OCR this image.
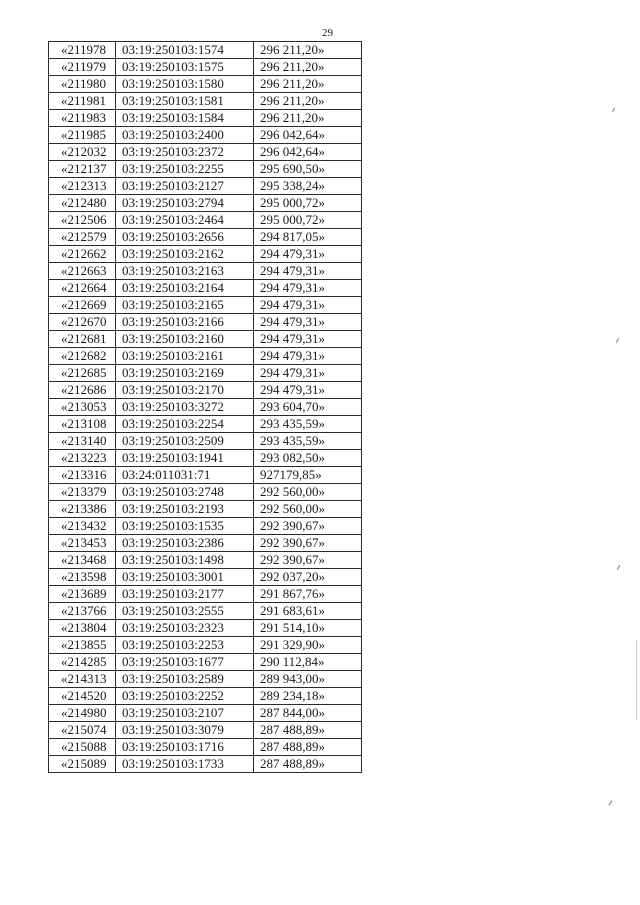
29
«211978	03:19:250103:1574	296 211,20»
«211979	03:19:250103:1575	296 211,20»
«211980	03:19:250103:1580	296 211,20»
«211981	03:19:250103:1581	296 211,20»
«211983	03:19:250103:1584	296 211,20»
«211985	03:19:250103:2400	296 042,64»
«212032	03:19:250103:2372	296 042,64»
«212137	03:19:250103:2255	295 690,50»
«212313	03:19:250103:2127	295 338,24»
«212480	03:19:250103:2794	295 000,72»
«212506	03:19:250103:2464	295 000,72»
«212579	03:19:250103:2656	294 817,05»
«212662	03:19:250103:2162	294 479,31»
«212663	03:19:250103:2163	294 479,31»
«212664	03:19:250103:2164	294 479,31»
«212669	03:19:250103:2165	294 479,31»
«212670	03:19:250103:2166	294 479,31»
«212681	03:19:250103:2160	294 479,31»
«212682	03:19:250103:2161	294 479,31»
«212685	03:19:250103:2169	294 479,31»
«212686	03:19:250103:2170	294 479,31»
«213053	03:19:250103:3272	293 604,70»
«213108	03:19:250103:2254	293 435,59»
«213140	03:19:250103:2509	293 435,59»
«213223	03:19:250103:1941	293 082,50»
«213316	03:24:011031:71	927179,85»
«213379	03:19:250103:2748	292 560,00»
«213386	03:19:250103:2193	292 560,00»
«213432	03:19:250103:1535	292 390,67»
«213453	03:19:250103:2386	292 390,67»
«213468	03:19:250103:1498	292 390,67»
«213598	03:19:250103:3001	292 037,20»
«213689	03:19:250103:2177	291 867,76»
«213766	03:19:250103:2555	291 683,61»
«213804	03:19:250103:2323	291 514,10»
«213855	03:19:250103:2253	291 329,90»
«214285	03:19:250103:1677	290 112,84»
«214313	03:19:250103:2589	289 943,00»
«214520	03:19:250103:2252	289 234,18»
«214980	03:19:250103:2107	287 844,00»
«215074	03:19:250103:3079	287 488,89»
«215088	03:19:250103:1716	287 488,89»
«215089	03:19:250103:1733	287 488,89»
